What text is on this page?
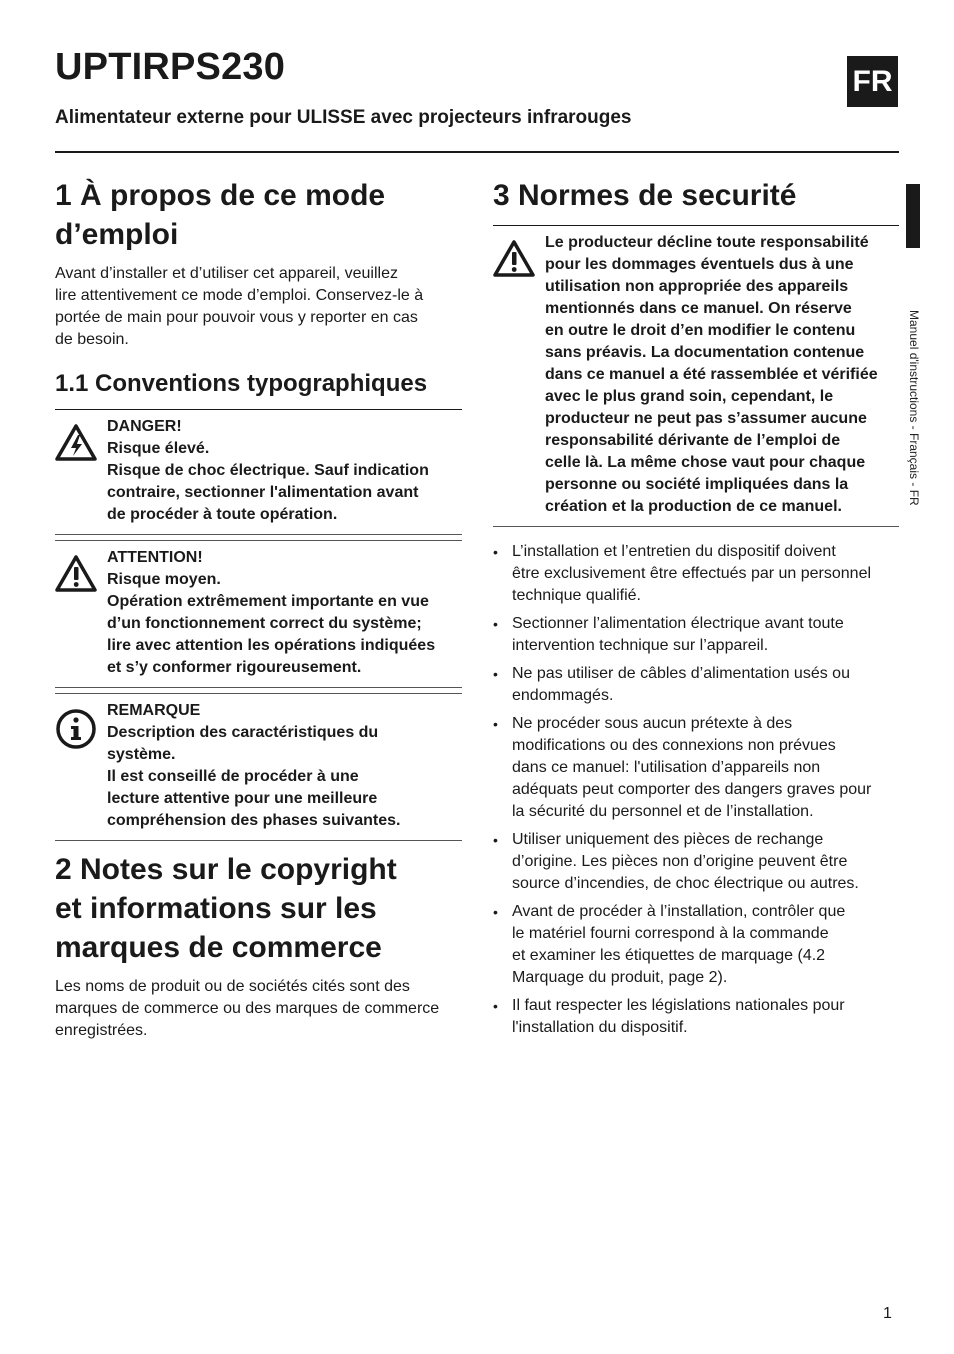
UPTIRPS230	FR
Alimentateur externe pour ULISSE avec projecteurs infrarouges
Manuel d'instructions - Français - FR
1 À propos de ce mode
d’emploi

Avant d’installer et d’utiliser cet appareil, veuillez
lire attentivement ce mode d’emploi. Conservez-le à
portée de main pour pouvoir vous y reporter en cas
de besoin.

1.1 Conventions typographiques
DANGER!
Risque élevé.
Risque de choc électrique. Sauf indication
contraire, sectionner l'alimentation avant
de procéder à toute opération.
ATTENTION!
Risque moyen.
Opération extrêmement importante en vue
d’un fonctionnement correct du système;
lire avec attention les opérations indiquées
et s’y conformer rigoureusement.
REMARQUE
Description des caractéristiques du
système.
Il est conseillé de procéder à une
lecture attentive pour une meilleure
compréhension des phases suivantes.
2 Notes sur le copyright
et informations sur les
marques de commerce

Les noms de produit ou de sociétés cités sont des
marques de commerce ou des marques de commerce
enregistrées.

3 Normes de securité
Le producteur décline toute responsabilité
pour les dommages éventuels dus à une
utilisation non appropriée des appareils
mentionnés dans ce manuel. On réserve
en outre le droit d’en modifier le contenu
sans préavis. La documentation contenue
dans ce manuel a été rassemblée et vérifiée
avec le plus grand soin, cependant, le
producteur ne peut pas s’assumer aucune
responsabilité dérivante de l’emploi de
celle là. La même chose vaut pour chaque
personne ou société impliquées dans la
création et la production de ce manuel.
• L’installation et l’entretien du dispositif doivent
être exclusivement être effectués par un personnel
technique qualifié.
• Sectionner l’alimentation électrique avant toute
intervention technique sur l’appareil.
• Ne pas utiliser de câbles d’alimentation usés ou
endommagés.
• Ne procéder sous aucun prétexte à des
modifications ou des connexions non prévues
dans ce manuel: l'utilisation d’appareils non
adéquats peut comporter des dangers graves pour
la sécurité du personnel et de l’installation.
• Utiliser uniquement des pièces de rechange
d’origine. Les pièces non d’origine peuvent être
source d’incendies, de choc électrique ou autres.
• Avant de procéder à l’installation, contrôler que
le matériel fourni correspond à la commande
et examiner les étiquettes de marquage (4.2
Marquage du produit, page 2).
• Il faut respecter les législations nationales pour
l'installation du dispositif.
1
